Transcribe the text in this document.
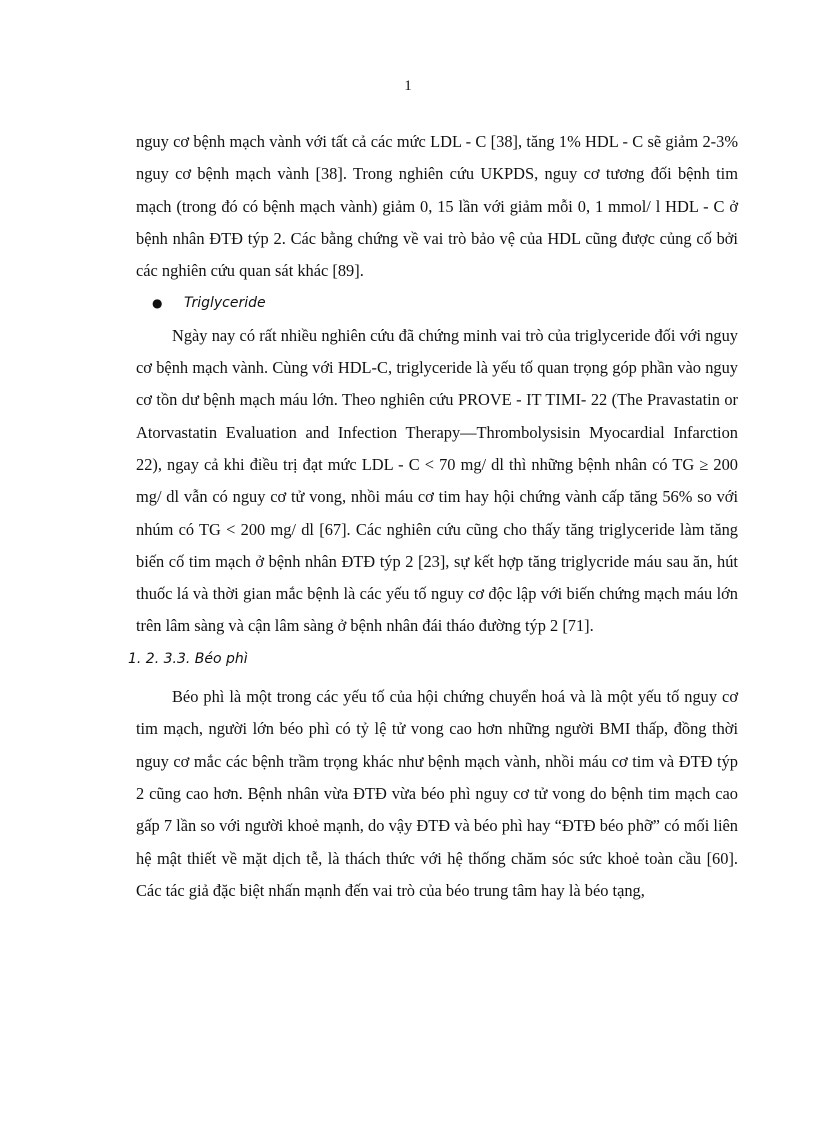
1

nguy cơ bệnh mạch vành với tất cả các mức LDL - C [38], tăng 1% HDL - C sẽ giảm 2-3% nguy cơ bệnh mạch vành [38]. Trong nghiên cứu UKPDS, nguy cơ tương đối bệnh tim mạch (trong đó có bệnh mạch vành) giảm 0, 15 lần với giảm mỗi 0, 1 mmol/ l HDL - C ở bệnh nhân ĐTĐ týp 2. Các bằng chứng về vai trò bảo vệ của HDL cũng được củng cố bởi các nghiên cứu quan sát khác [89].

● Triglyceride

Ngày nay có rất nhiều nghiên cứu đã chứng minh vai trò của triglyceride đối với nguy cơ bệnh mạch vành. Cùng với HDL-C, triglyceride là yếu tố quan trọng góp phần vào nguy cơ tồn dư bệnh mạch máu lớn. Theo nghiên cứu PROVE - IT TIMI- 22 (The Pravastatin or Atorvastatin Evaluation and Infection Therapy—Thrombolysisin Myocardial Infarction 22), ngay cả khi điều trị đạt mức LDL - C < 70 mg/ dl thì những bệnh nhân có TG ≥ 200 mg/ dl vẫn có nguy cơ tử vong, nhồi máu cơ tim hay hội chứng vành cấp tăng 56% so với nhúm có TG < 200 mg/ dl [67]. Các nghiên cứu cũng cho thấy tăng triglyceride làm tăng biến cố tim mạch ở bệnh nhân ĐTĐ týp 2 [23], sự kết hợp tăng triglycride máu sau ăn, hút thuốc lá và thời gian mắc bệnh là các yếu tố nguy cơ độc lập với biến chứng mạch máu lớn trên lâm sàng và cận lâm sàng ở bệnh nhân đái tháo đường týp 2 [71].

1. 2. 3.3. Béo phì

Béo phì là một trong các yếu tố của hội chứng chuyển hoá và là một yếu tố nguy cơ tim mạch, người lớn béo phì có tỷ lệ tử vong cao hơn những người BMI thấp, đồng thời nguy cơ mắc các bệnh trầm trọng khác như bệnh mạch vành, nhồi máu cơ tim và ĐTĐ týp 2 cũng cao hơn. Bệnh nhân vừa ĐTĐ vừa béo phì nguy cơ tử vong do bệnh tim mạch cao gấp 7 lần so với người khoẻ mạnh, do vậy ĐTĐ và béo phì hay “ĐTĐ béo phỡ” có mối liên hệ mật thiết về mặt dịch tễ, là thách thức với hệ thống chăm sóc sức khoẻ toàn cầu [60]. Các tác giả đặc biệt nhấn mạnh đến vai trò của béo trung tâm hay là béo tạng,
